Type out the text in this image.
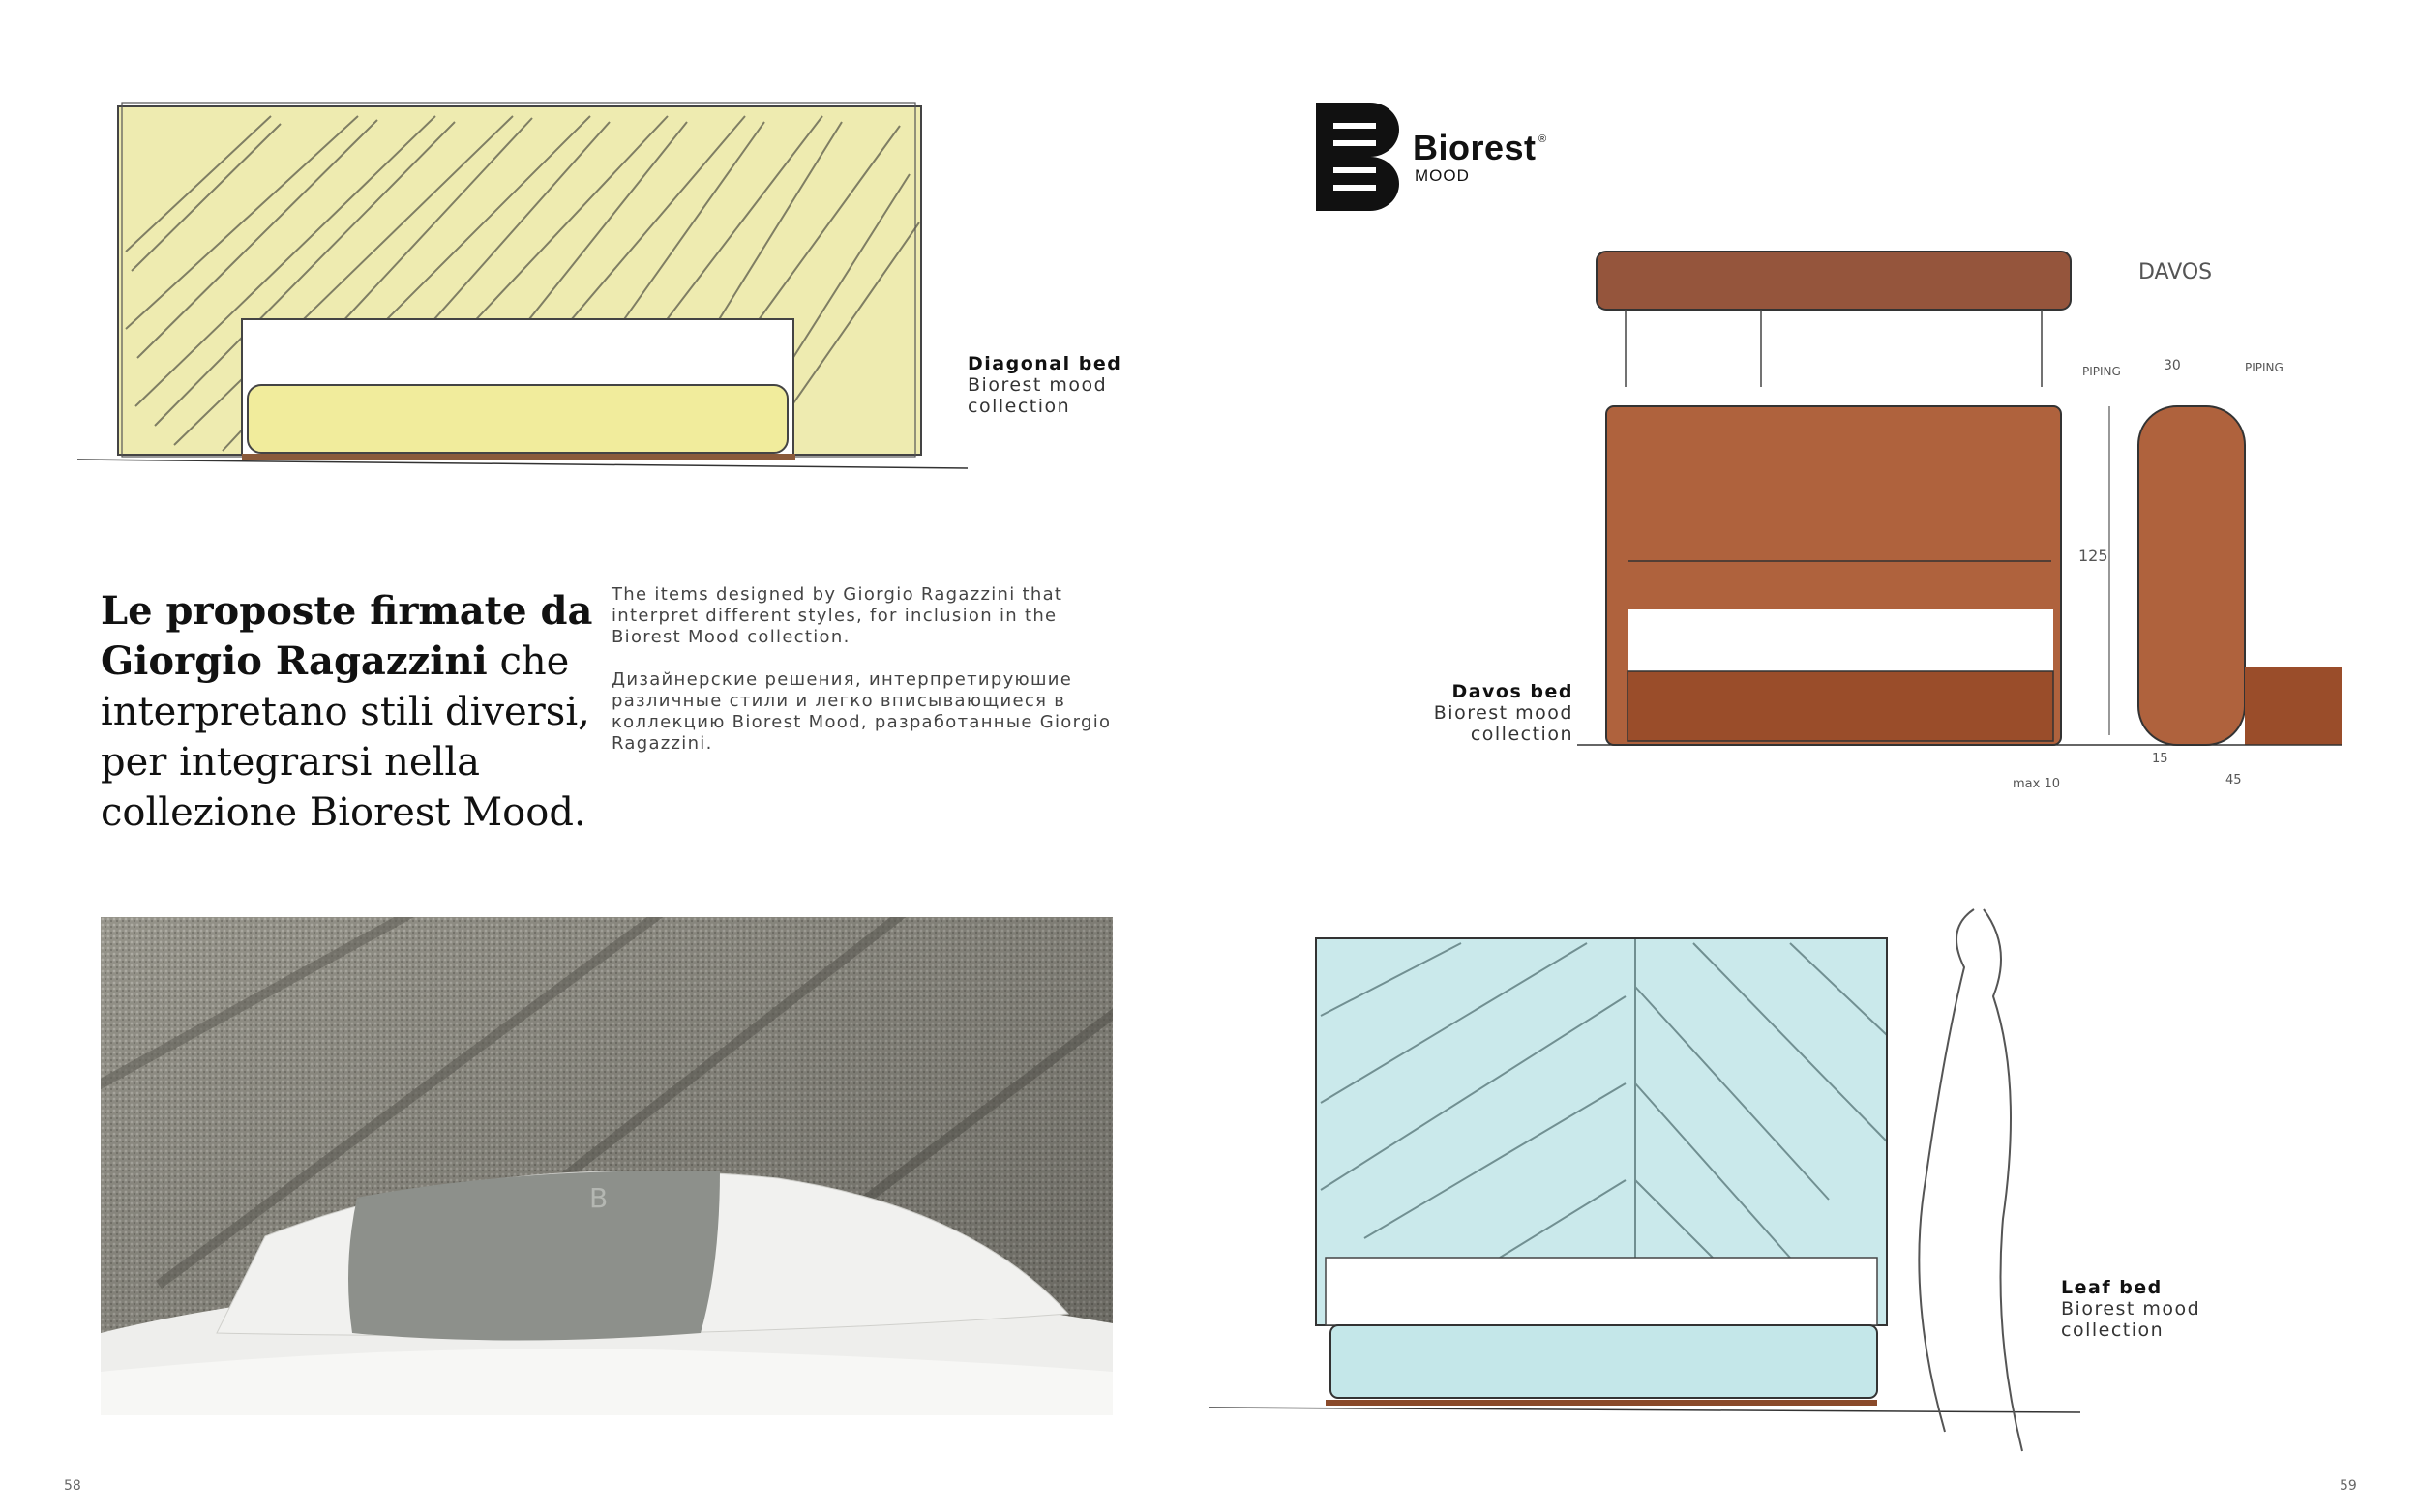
Diagonal bed
Biorest mood
collection
Le proposte firmate da Giorgio Ragazzini che interpretano stili diversi, per integrarsi nella collezione Biorest Mood.

The items designed by Giorgio Ragazzini that interpret different styles, for inclusion in the Biorest Mood collection.

Дизайнерские решения, интерпретируюшие различные стили и легко вписывающиеся в коллекцию Biorest Mood, разработанные Giorgio Ragazzini.

B
Biorest ®
MOOD
DAVOS
PIPING	30	PIPING
125
max 10
15
45
Davos bed
Biorest mood
collection
Leaf bed
Biorest mood
collection
58	59
